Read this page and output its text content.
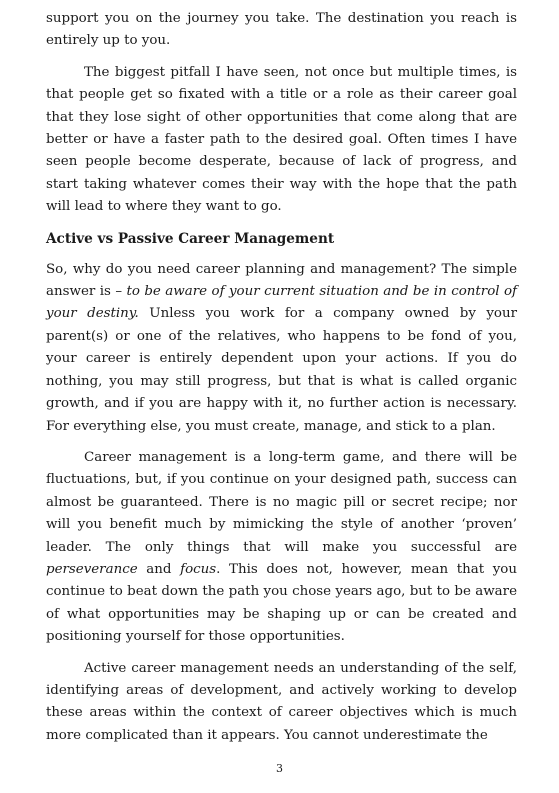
support you on the journey you take. The destination you reach is entirely up to you.

The biggest pitfall I have seen, not once but multiple times, is that people get so fixated with a title or a role as their career goal that they lose sight of other opportunities that come along that are better or have a faster path to the desired goal. Often times I have seen people become desperate, because of lack of progress, and start taking whatever comes their way with the hope that the path will lead to where they want to go.

Active vs Passive Career Management

So, why do you need career planning and management? The simple answer is – to be aware of your current situation and be in control of your destiny. Unless you work for a company owned by your parent(s) or one of the relatives, who happens to be fond of you, your career is entirely dependent upon your actions. If you do nothing, you may still progress, but that is what is called organic growth, and if you are happy with it, no further action is necessary. For everything else, you must create, manage, and stick to a plan.

Career management is a long-term game, and there will be fluctuations, but, if you continue on your designed path, success can almost be guaranteed. There is no magic pill or secret recipe; nor will you benefit much by mimicking the style of another ‘proven’ leader. The only things that will make you successful are perseverance and focus. This does not, however, mean that you continue to beat down the path you chose years ago, but to be aware of what opportunities may be shaping up or can be created and positioning yourself for those opportunities.

Active career management needs an understanding of the self, identifying areas of development, and actively working to develop these areas within the context of career objectives which is much more complicated than it appears. You cannot underestimate the

3
